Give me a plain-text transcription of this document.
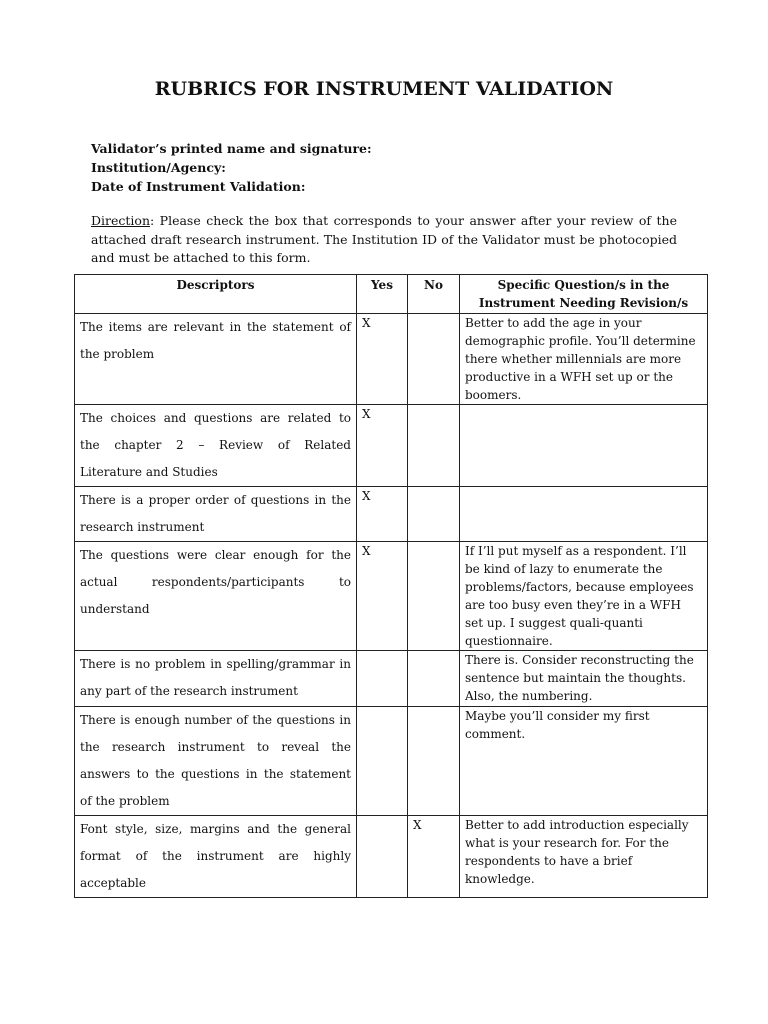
RUBRICS FOR INSTRUMENT VALIDATION
Validator’s printed name and signature:
Institution/Agency:
Date of Instrument Validation:
Direction: Please check the box that corresponds to your answer after your review of the attached draft research instrument. The Institution ID of the Validator must be photocopied and must be attached to this form.
Descriptors	Yes	No	Specific Question/s in the Instrument Needing Revision/s
The items are relevant in the statement of the problem	X		Better to add the age in your demographic profile. You’ll determine there whether millennials are more productive in a WFH set up or the boomers.
The choices and questions are related to the chapter 2 – Review of Related Literature and Studies	X		
There is a proper order of questions in the research instrument	X		
The questions were clear enough for the actual respondents/participants to understand	X		If I’ll put myself as a respondent. I’ll be kind of lazy to enumerate the problems/factors, because employees are too busy even they’re in a WFH set up. I suggest quali-quanti questionnaire.
There is no problem in spelling/grammar in any part of the research instrument			There is. Consider reconstructing the sentence but maintain the thoughts. Also, the numbering.
There is enough number of the questions in the research instrument to reveal the answers to the questions in the statement of the problem			Maybe you’ll consider my first comment.
Font style, size, margins and the general format of the instrument are highly acceptable		X	Better to add introduction especially what is your research for. For the respondents to have a brief knowledge.
